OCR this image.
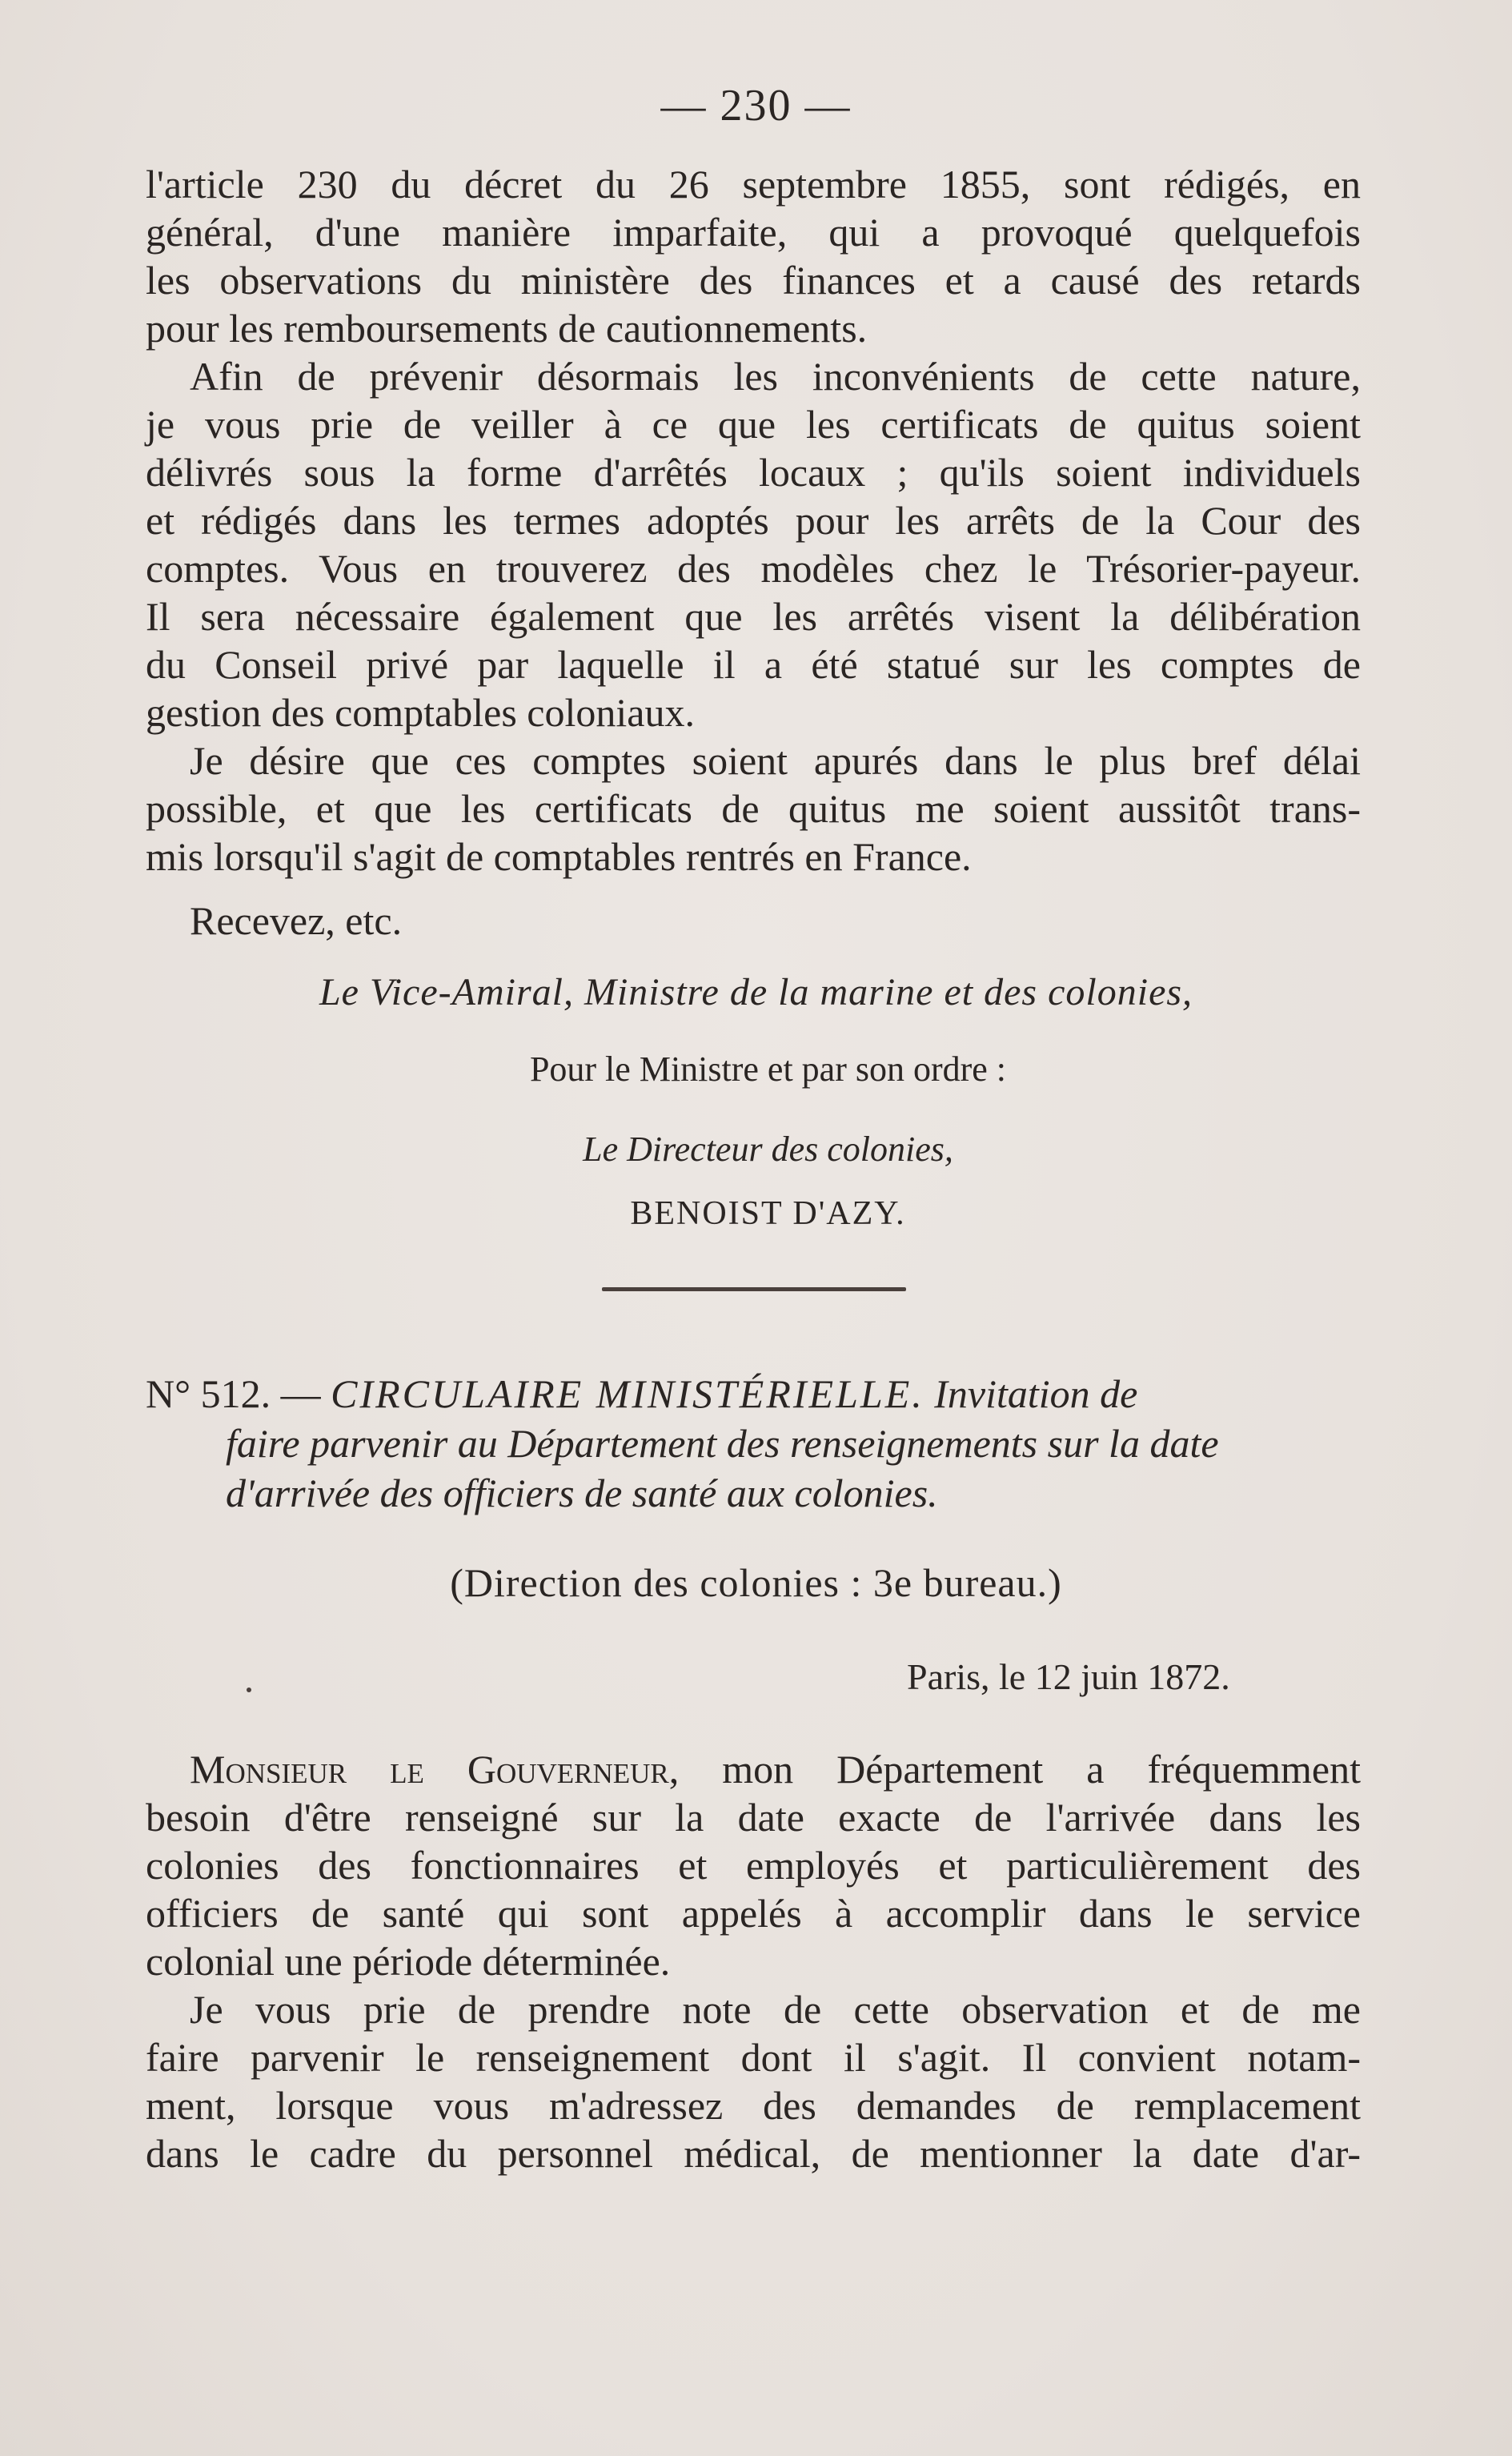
— 230 —

l'article 230 du décret du 26 septembre 1855, sont rédigés, en
général, d'une manière imparfaite, qui a provoqué quelquefois
les observations du ministère des finances et a causé des retards
pour les remboursements de cautionnements.

Afin de prévenir désormais les inconvénients de cette nature,
je vous prie de veiller à ce que les certificats de quitus soient
délivrés sous la forme d'arrêtés locaux ; qu'ils soient individuels
et rédigés dans les termes adoptés pour les arrêts de la Cour des
comptes. Vous en trouverez des modèles chez le Trésorier-payeur.
Il sera nécessaire également que les arrêtés visent la délibération
du Conseil privé par laquelle il a été statué sur les comptes de
gestion des comptables coloniaux.

Je désire que ces comptes soient apurés dans le plus bref délai
possible, et que les certificats de quitus me soient aussitôt trans-
mis lorsqu'il s'agit de comptables rentrés en France.

Recevez, etc.
Le Vice-Amiral, Ministre de la marine et des colonies,
Pour le Ministre et par son ordre :
Le Directeur des colonies,
BENOIST D'AZY.
N° 512. — CIRCULAIRE MINISTÉRIELLE. Invitation de
faire parvenir au Département des renseignements sur la date
d'arrivée des officiers de santé aux colonies.
(Direction des colonies : 3e bureau.)
Paris, le 12 juin 1872.

Monsieur le Gouverneur, mon Département a fréquemment
besoin d'être renseigné sur la date exacte de l'arrivée dans les
colonies des fonctionnaires et employés et particulièrement des
officiers de santé qui sont appelés à accomplir dans le service
colonial une période déterminée.

Je vous prie de prendre note de cette observation et de me
faire parvenir le renseignement dont il s'agit. Il convient notam-
ment, lorsque vous m'adressez des demandes de remplacement
dans le cadre du personnel médical, de mentionner la date d'ar-
